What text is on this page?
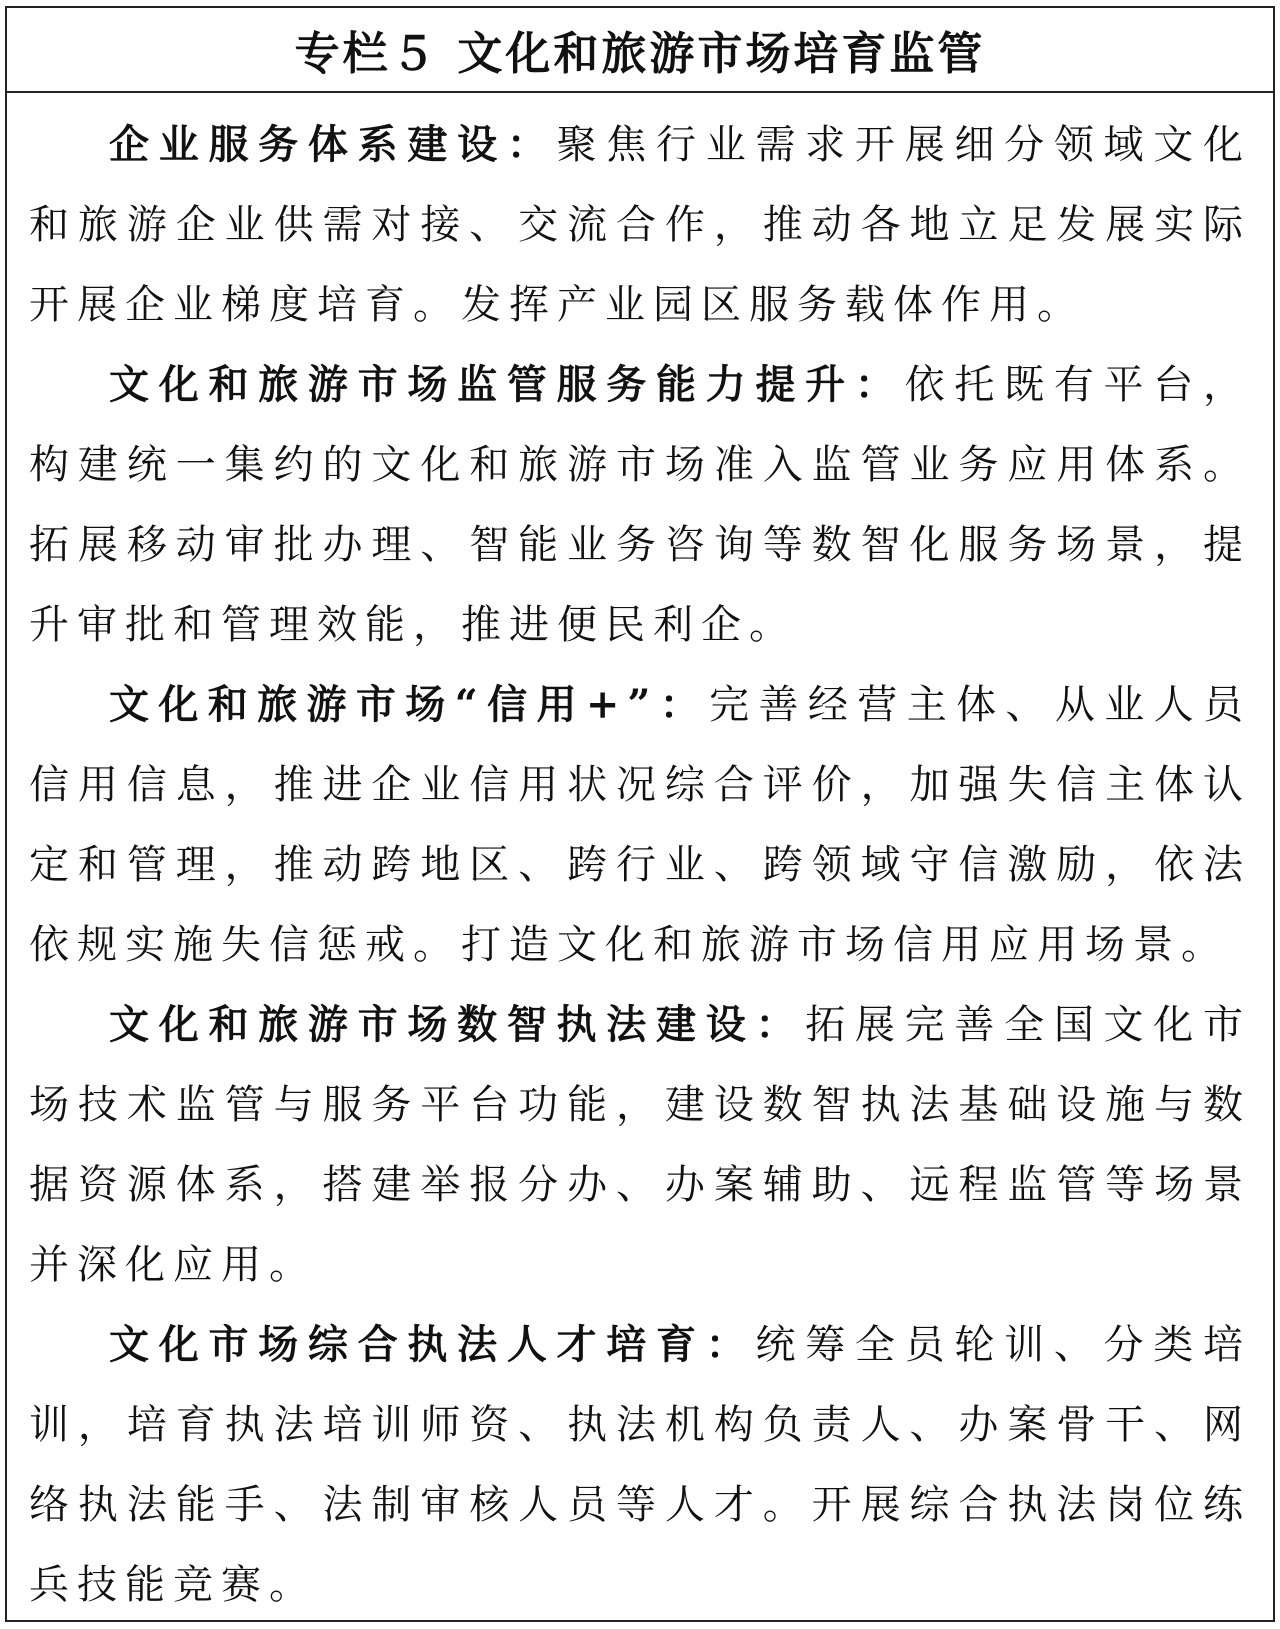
专栏５ 文化和旅游市场培育监管

企业服务体系建设：聚焦行业需求开展细分领域文化和旅游企业供需对接、交流合作，推动各地立足发展实际开展企业梯度培育。发挥产业园区服务载体作用。

文化和旅游市场监管服务能力提升：依托既有平台，构建统一集约的文化和旅游市场准入监管业务应用体系。拓展移动审批办理、智能业务咨询等数智化服务场景，提升审批和管理效能，推进便民利企。

文化和旅游市场“信用+”：完善经营主体、从业人员信用信息，推进企业信用状况综合评价，加强失信主体认定和管理，推动跨地区、跨行业、跨领域守信激励，依法依规实施失信惩戒。打造文化和旅游市场信用应用场景。

文化和旅游市场数智执法建设：拓展完善全国文化市场技术监管与服务平台功能，建设数智执法基础设施与数据资源体系，搭建举报分办、办案辅助、远程监管等场景并深化应用。

文化市场综合执法人才培育：统筹全员轮训、分类培训，培育执法培训师资、执法机构负责人、办案骨干、网络执法能手、法制审核人员等人才。开展综合执法岗位练兵技能竞赛。
